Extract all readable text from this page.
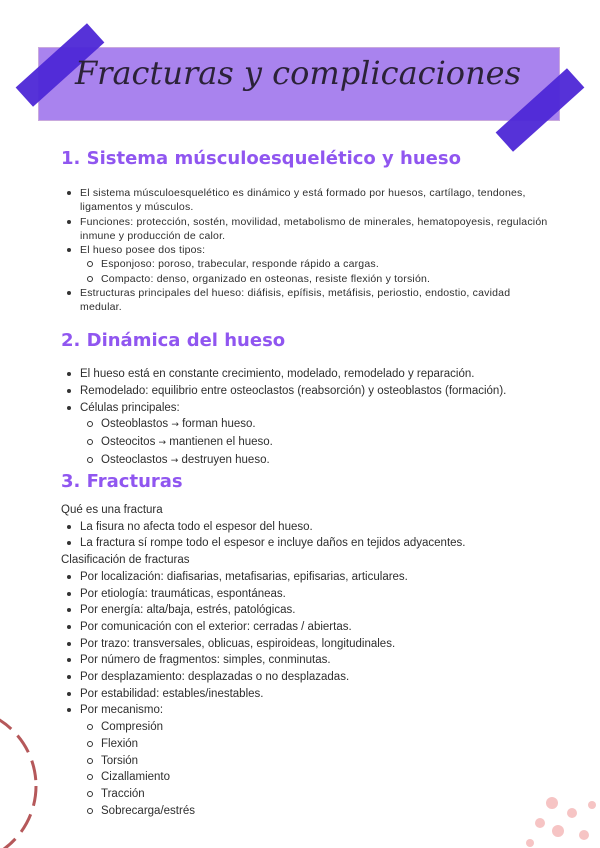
Fracturas y complicaciones
1. Sistema músculoesquelético y hueso
El sistema músculoesquelético es dinámico y está formado por huesos, cartílago, tendones, ligamentos y músculos.
Funciones: protección, sostén, movilidad, metabolismo de minerales, hematopoyesis, regulación inmune y producción de calor.
El hueso posee dos tipos:
Esponjoso: poroso, trabecular, responde rápido a cargas.
Compacto: denso, organizado en osteonas, resiste flexión y torsión.
Estructuras principales del hueso: diáfisis, epífisis, metáfisis, periostio, endostio, cavidad medular.
2. Dinámica del hueso
El hueso está en constante crecimiento, modelado, remodelado y reparación.
Remodelado: equilibrio entre osteoclastos (reabsorción) y osteoblastos (formación).
Células principales:
Osteoblastos → forman hueso.
Osteocitos → mantienen el hueso.
Osteoclastos → destruyen hueso.
3. Fracturas
Qué es una fractura
La fisura no afecta todo el espesor del hueso.
La fractura sí rompe todo el espesor e incluye daños en tejidos adyacentes.
Clasificación de fracturas
Por localización: diafisarias, metafisarias, epifisarias, articulares.
Por etiología: traumáticas, espontáneas.
Por energía: alta/baja, estrés, patológicas.
Por comunicación con el exterior: cerradas / abiertas.
Por trazo: transversales, oblicuas, espiroideas, longitudinales.
Por número de fragmentos: simples, conminutas.
Por desplazamiento: desplazadas o no desplazadas.
Por estabilidad: estables/inestables.
Por mecanismo:
Compresión
Flexión
Torsión
Cizallamiento
Tracción
Sobrecarga/estrés
